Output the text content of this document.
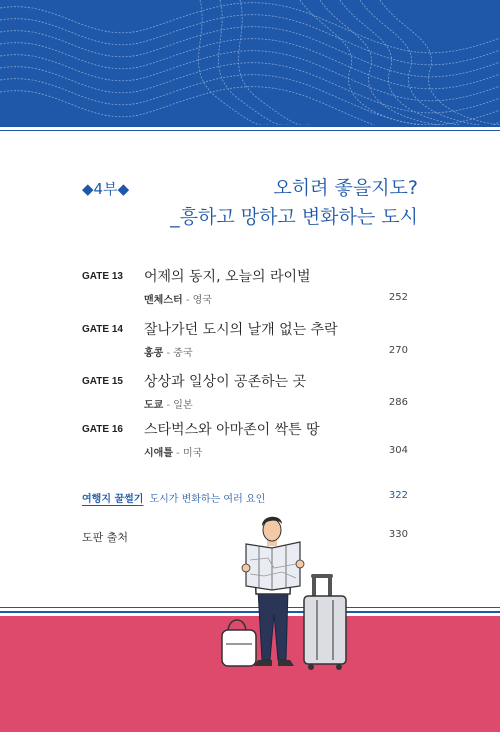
◆4부◆	오히려 좋을지도?
_흥하고 망하고 변화하는 도시
GATE 13 어제의 동지, 오늘의 라이벌
맨체스터 - 영국	252
GATE 14 잘나가던 도시의 날개 없는 추락
홍콩 - 중국	270
GATE 15 상상과 일상이 공존하는 곳
도쿄 - 일본	286
GATE 16 스타벅스와 아마존이 싹튼 땅
시애틀 - 미국	304
여행지 꿀썰기 도시가 변화하는 여러 요인	322
도판 출처	330
